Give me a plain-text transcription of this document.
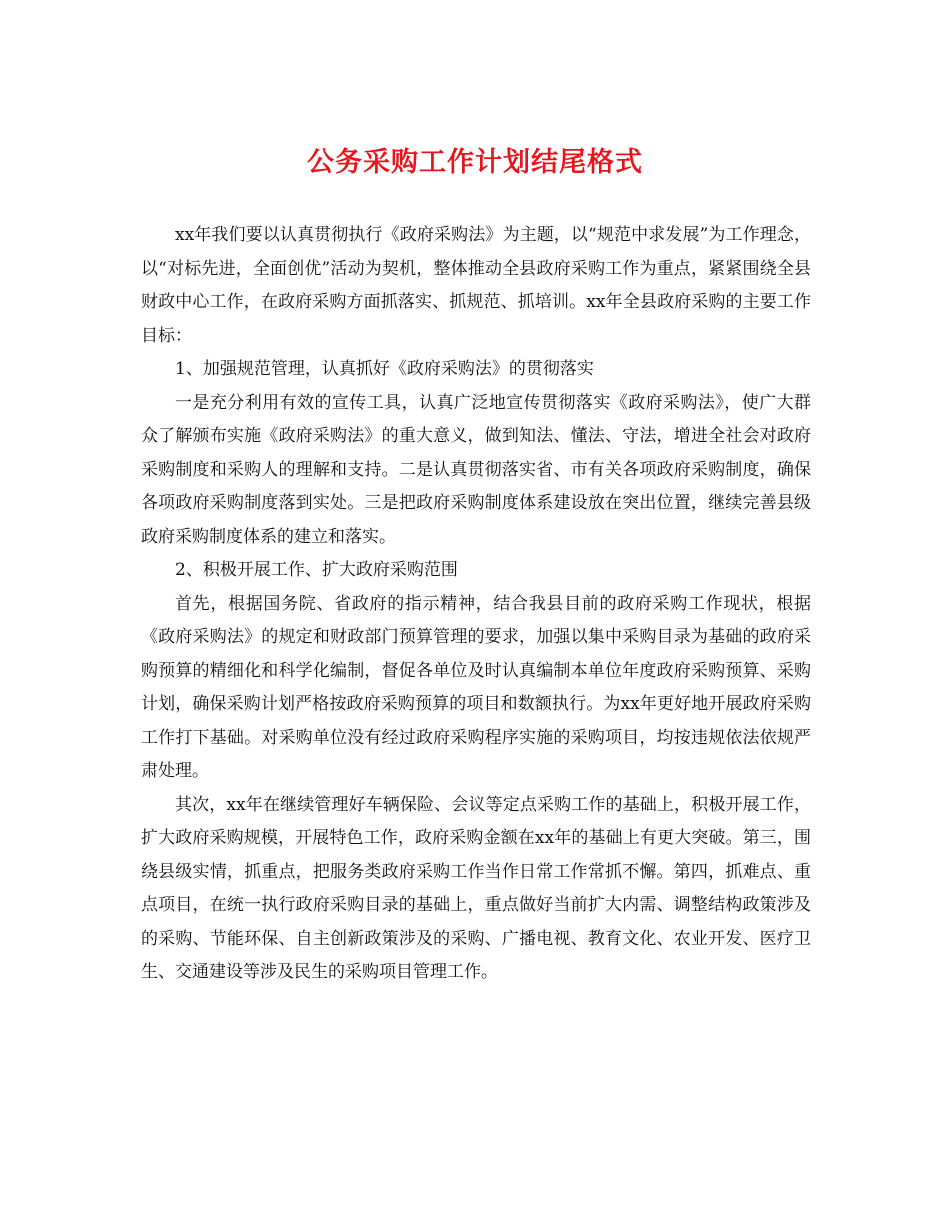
公务采购工作计划结尾格式

xx年我们要以认真贯彻执行《政府采购法》为主题，以“规范中求发展”为工作理念，以“对标先进，全面创优”活动为契机，整体推动全县政府采购工作为重点，紧紧围绕全县财政中心工作，在政府采购方面抓落实、抓规范、抓培训。xx年全县政府采购的主要工作目标：

1、加强规范管理，认真抓好《政府采购法》的贯彻落实

一是充分利用有效的宣传工具，认真广泛地宣传贯彻落实《政府采购法》，使广大群众了解颁布实施《政府采购法》的重大意义，做到知法、懂法、守法，增进全社会对政府采购制度和采购人的理解和支持。二是认真贯彻落实省、市有关各项政府采购制度，确保各项政府采购制度落到实处。三是把政府采购制度体系建设放在突出位置，继续完善县级政府采购制度体系的建立和落实。

2、积极开展工作、扩大政府采购范围

首先，根据国务院、省政府的指示精神，结合我县目前的政府采购工作现状，根据《政府采购法》的规定和财政部门预算管理的要求，加强以集中采购目录为基础的政府采购预算的精细化和科学化编制，督促各单位及时认真编制本单位年度政府采购预算、采购计划，确保采购计划严格按政府采购预算的项目和数额执行。为xx年更好地开展政府采购工作打下基础。对采购单位没有经过政府采购程序实施的采购项目，均按违规依法依规严肃处理。

其次，xx年在继续管理好车辆保险、会议等定点采购工作的基础上，积极开展工作，扩大政府采购规模，开展特色工作，政府采购金额在xx年的基础上有更大突破。第三，围绕县级实情，抓重点，把服务类政府采购工作当作日常工作常抓不懈。第四，抓难点、重点项目，在统一执行政府采购目录的基础上，重点做好当前扩大内需、调整结构政策涉及的采购、节能环保、自主创新政策涉及的采购、广播电视、教育文化、农业开发、医疗卫生、交通建设等涉及民生的采购项目管理工作。
